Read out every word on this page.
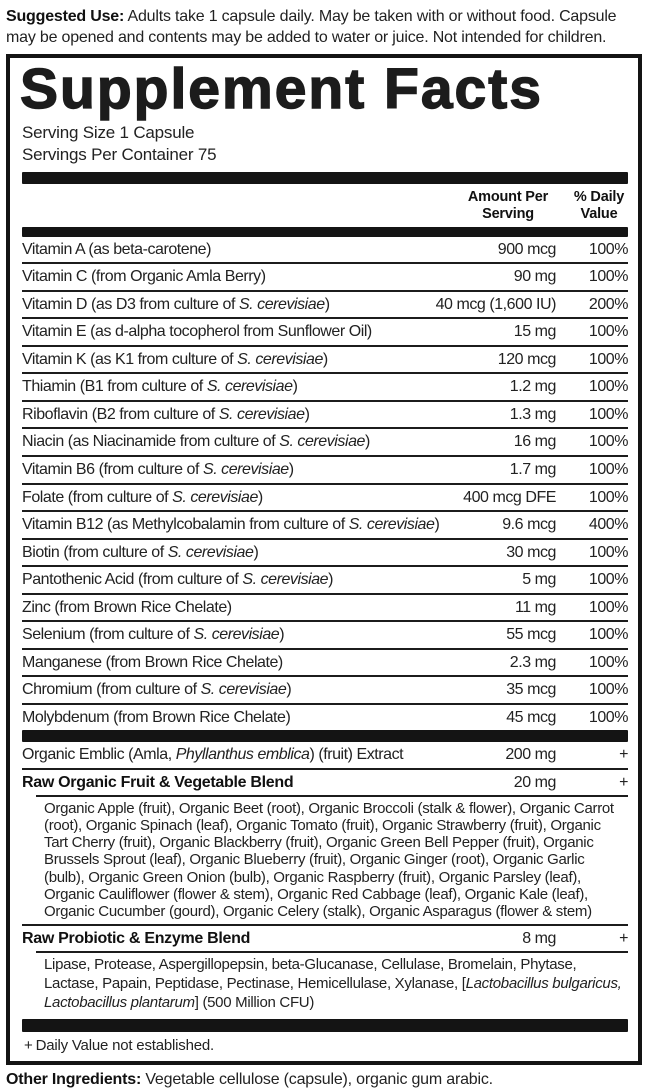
Suggested Use: Adults take 1 capsule daily. May be taken with or without food. Capsule may be opened and contents may be added to water or juice. Not intended for children.

Supplement Facts
Serving Size 1 Capsule
Servings Per Container 75
Amount Per Serving
% Daily Value
Vitamin A (as beta-carotene)	900 mcg	100%
Vitamin C (from Organic Amla Berry)	90 mg	100%
Vitamin D (as D3 from culture of S. cerevisiae)	40 mcg (1,600 IU)	200%
Vitamin E (as d-alpha tocopherol from Sunflower Oil)	15 mg	100%
Vitamin K (as K1 from culture of S. cerevisiae)	120 mcg	100%
Thiamin (B1 from culture of S. cerevisiae)	1.2 mg	100%
Riboflavin (B2 from culture of S. cerevisiae)	1.3 mg	100%
Niacin (as Niacinamide from culture of S. cerevisiae)	16 mg	100%
Vitamin B6 (from culture of S. cerevisiae)	1.7 mg	100%
Folate (from culture of S. cerevisiae)	400 mcg DFE	100%
Vitamin B12 (as Methylcobalamin from culture of S. cerevisiae)	9.6 mcg	400%
Biotin (from culture of S. cerevisiae)	30 mcg	100%
Pantothenic Acid (from culture of S. cerevisiae)	5 mg	100%
Zinc (from Brown Rice Chelate)	11 mg	100%
Selenium (from culture of S. cerevisiae)	55 mcg	100%
Manganese (from Brown Rice Chelate)	2.3 mg	100%
Chromium (from culture of S. cerevisiae)	35 mcg	100%
Molybdenum (from Brown Rice Chelate)	45 mcg	100%
Organic Emblic (Amla, Phyllanthus emblica) (fruit) Extract	200 mg	+
Raw Organic Fruit & Vegetable Blend	20 mg	+

Organic Apple (fruit), Organic Beet (root), Organic Broccoli (stalk & flower), Organic Carrot (root), Organic Spinach (leaf), Organic Tomato (fruit), Organic Strawberry (fruit), Organic Tart Cherry (fruit), Organic Blackberry (fruit), Organic Green Bell Pepper (fruit), Organic Brussels Sprout (leaf), Organic Blueberry (fruit), Organic Ginger (root), Organic Garlic (bulb), Organic Green Onion (bulb), Organic Raspberry (fruit), Organic Parsley (leaf), Organic Cauliflower (flower & stem), Organic Red Cabbage (leaf), Organic Kale (leaf), Organic Cucumber (gourd), Organic Celery (stalk), Organic Asparagus (flower & stem)

Raw Probiotic & Enzyme Blend	8 mg	+

Lipase, Protease, Aspergillopepsin, beta-Glucanase, Cellulase, Bromelain, Phytase, Lactase, Papain, Peptidase, Pectinase, Hemicellulase, Xylanase, [Lactobacillus bulgaricus, Lactobacillus plantarum] (500 Million CFU)

+ Daily Value not established.

Other Ingredients: Vegetable cellulose (capsule), organic gum arabic.
